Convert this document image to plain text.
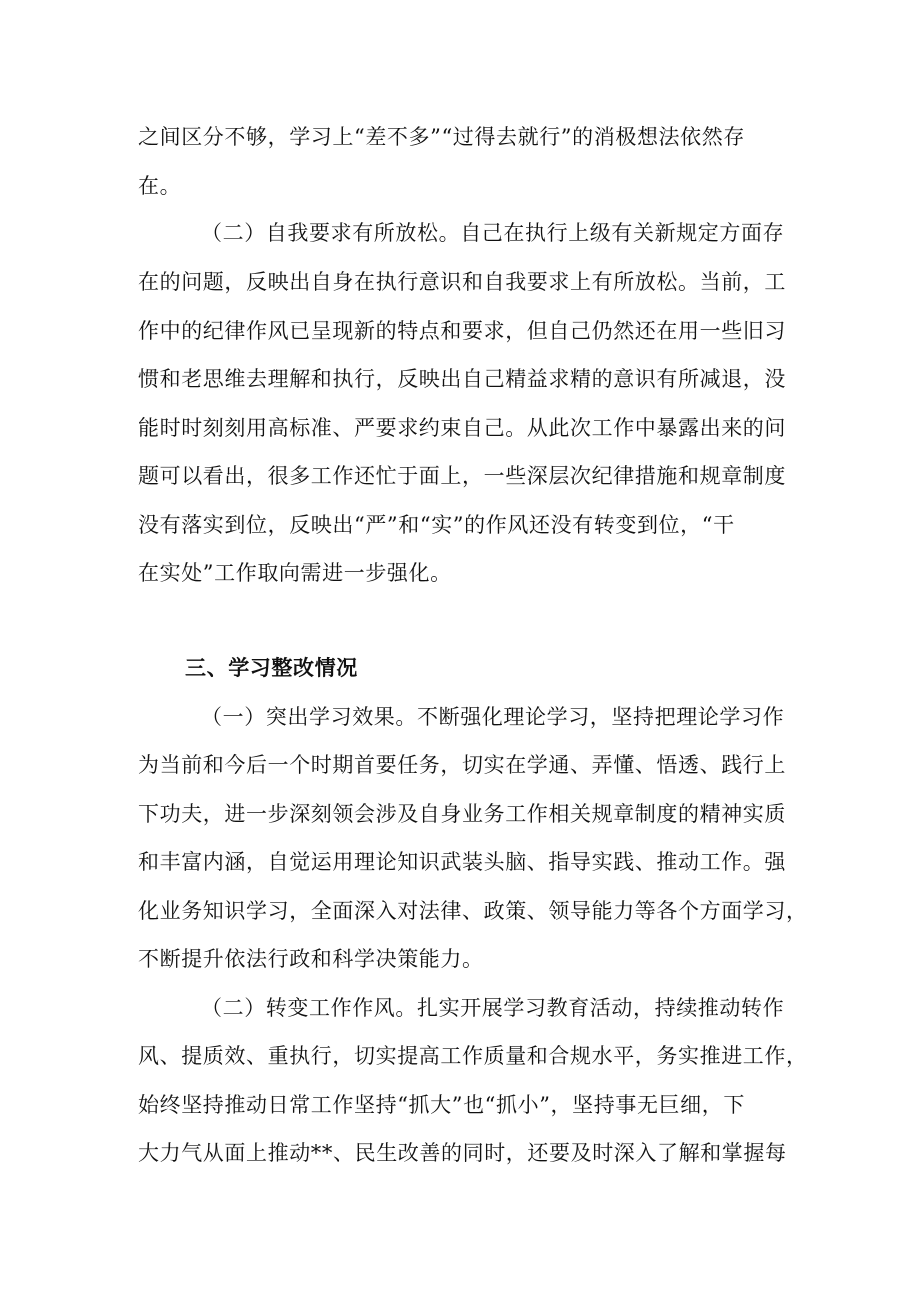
之间区分不够，学习上“差不多”“过得去就行”的消极想法依然存
在。
（二）自我要求有所放松。自己在执行上级有关新规定方面存
在的问题，反映出自身在执行意识和自我要求上有所放松。当前，工
作中的纪律作风已呈现新的特点和要求，但自己仍然还在用一些旧习
惯和老思维去理解和执行，反映出自己精益求精的意识有所减退，没
能时时刻刻用高标准、严要求约束自己。从此次工作中暴露出来的问
题可以看出，很多工作还忙于面上，一些深层次纪律措施和规章制度
没有落实到位，反映出“严”和“实”的作风还没有转变到位，“干
在实处”工作取向需进一步强化。
三、学习整改情况
（一）突出学习效果。不断强化理论学习，坚持把理论学习作
为当前和今后一个时期首要任务，切实在学通、弄懂、悟透、践行上
下功夫，进一步深刻领会涉及自身业务工作相关规章制度的精神实质
和丰富内涵，自觉运用理论知识武装头脑、指导实践、推动工作。强
化业务知识学习，全面深入对法律、政策、领导能力等各个方面学习，
不断提升依法行政和科学决策能力。
（二）转变工作作风。扎实开展学习教育活动，持续推动转作
风、提质效、重执行，切实提高工作质量和合规水平，务实推进工作，
始终坚持推动日常工作坚持“抓大”也“抓小”，坚持事无巨细，下
大力气从面上推动**、民生改善的同时，还要及时深入了解和掌握每
